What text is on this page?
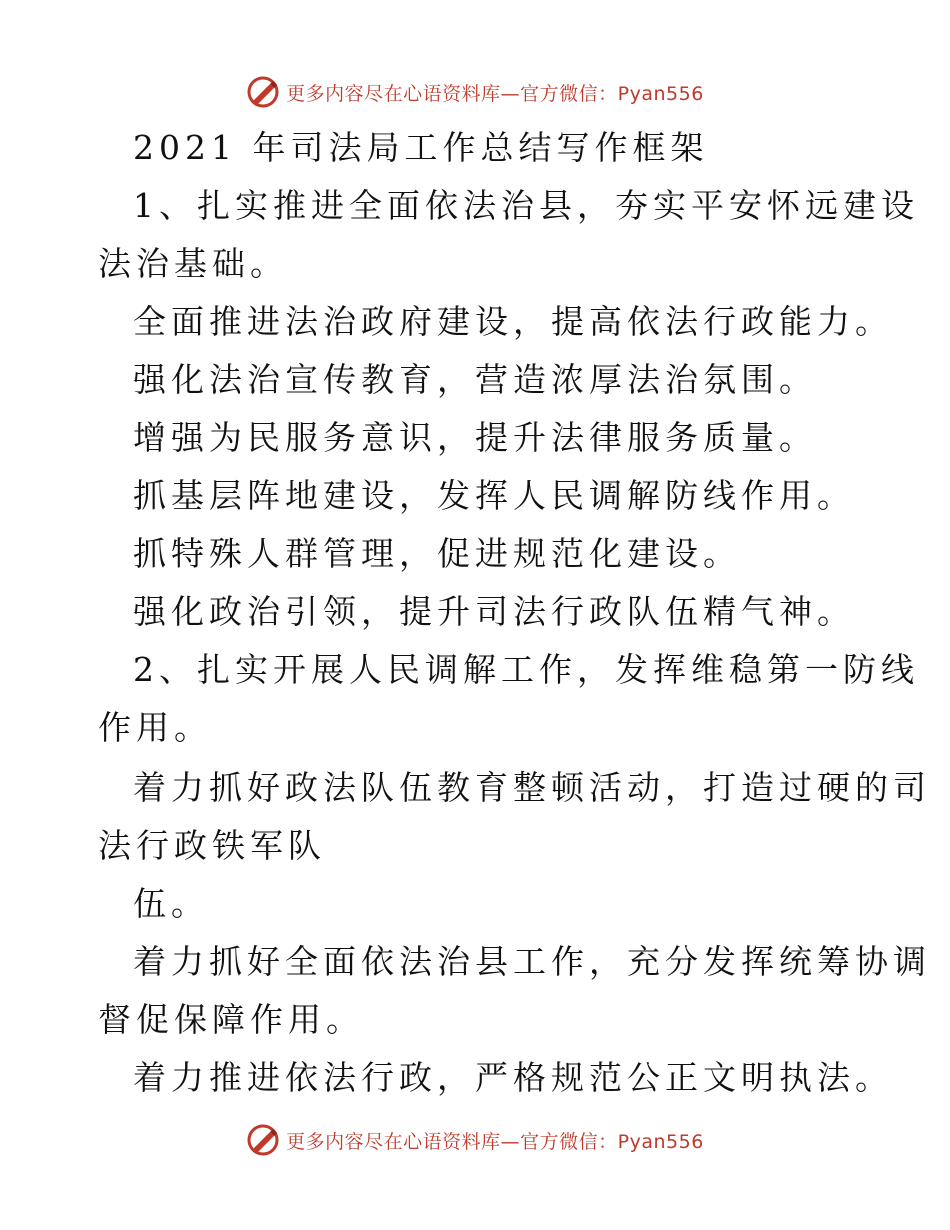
更多内容尽在心语资料库—官方微信：Pyan556
2021 年司法局工作总结写作框架
1、扎实推进全面依法治县，夯实平安怀远建设
法治基础。
全面推进法治政府建设，提高依法行政能力。
强化法治宣传教育，营造浓厚法治氛围。
增强为民服务意识，提升法律服务质量。
抓基层阵地建设，发挥人民调解防线作用。
抓特殊人群管理，促进规范化建设。
强化政治引领，提升司法行政队伍精气神。
2、扎实开展人民调解工作，发挥维稳第一防线
作用。
着力抓好政法队伍教育整顿活动，打造过硬的司
法行政铁军队
伍。
着力抓好全面依法治县工作，充分发挥统筹协调
督促保障作用。
着力推进依法行政，严格规范公正文明执法。
更多内容尽在心语资料库—官方微信：Pyan556
